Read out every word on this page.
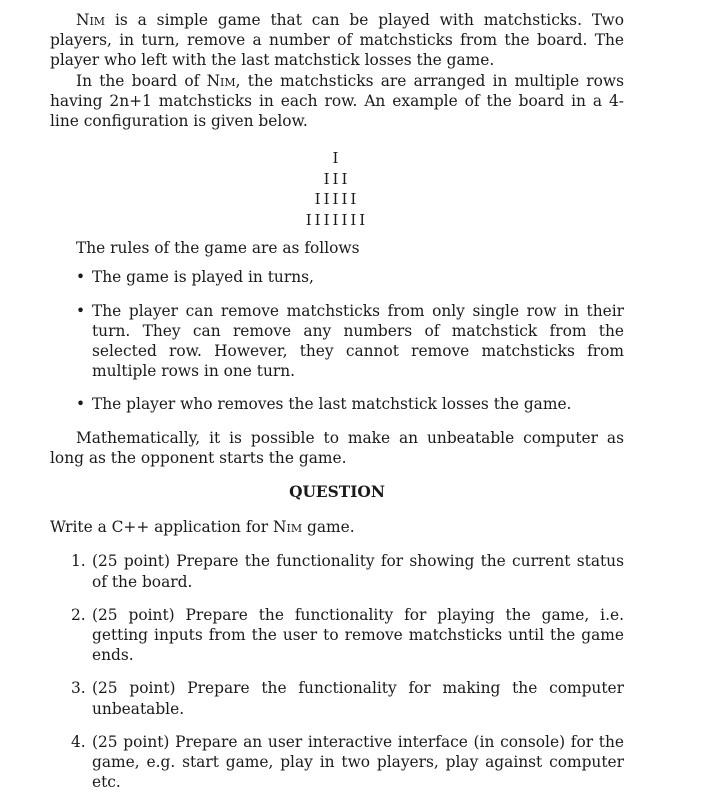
Nim is a simple game that can be played with matchsticks. Two players, in turn, remove a number of matchsticks from the board. The player who left with the last matchstick losses the game.

In the board of Nim, the matchsticks are arranged in multiple rows having 2n+1 matchsticks in each row. An example of the board in a 4-line configuration is given below.

I
III
IIIII
IIIIIII

The rules of the game are as follows

• The game is played in turns,
• The player can remove matchsticks from only single row in their turn. They can remove any numbers of matchstick from the selected row. However, they cannot remove matchsticks from multiple rows in one turn.
• The player who removes the last matchstick losses the game.

Mathematically, it is possible to make an unbeatable computer as long as the opponent starts the game.

QUESTION

Write a C++ application for Nim game.

1. (25 point) Prepare the functionality for showing the current status of the board.
2. (25 point) Prepare the functionality for playing the game, i.e. getting inputs from the user to remove matchsticks until the game ends.
3. (25 point) Prepare the functionality for making the computer unbeatable.
4. (25 point) Prepare an user interactive interface (in console) for the game, e.g. start game, play in two players, play against computer etc.
